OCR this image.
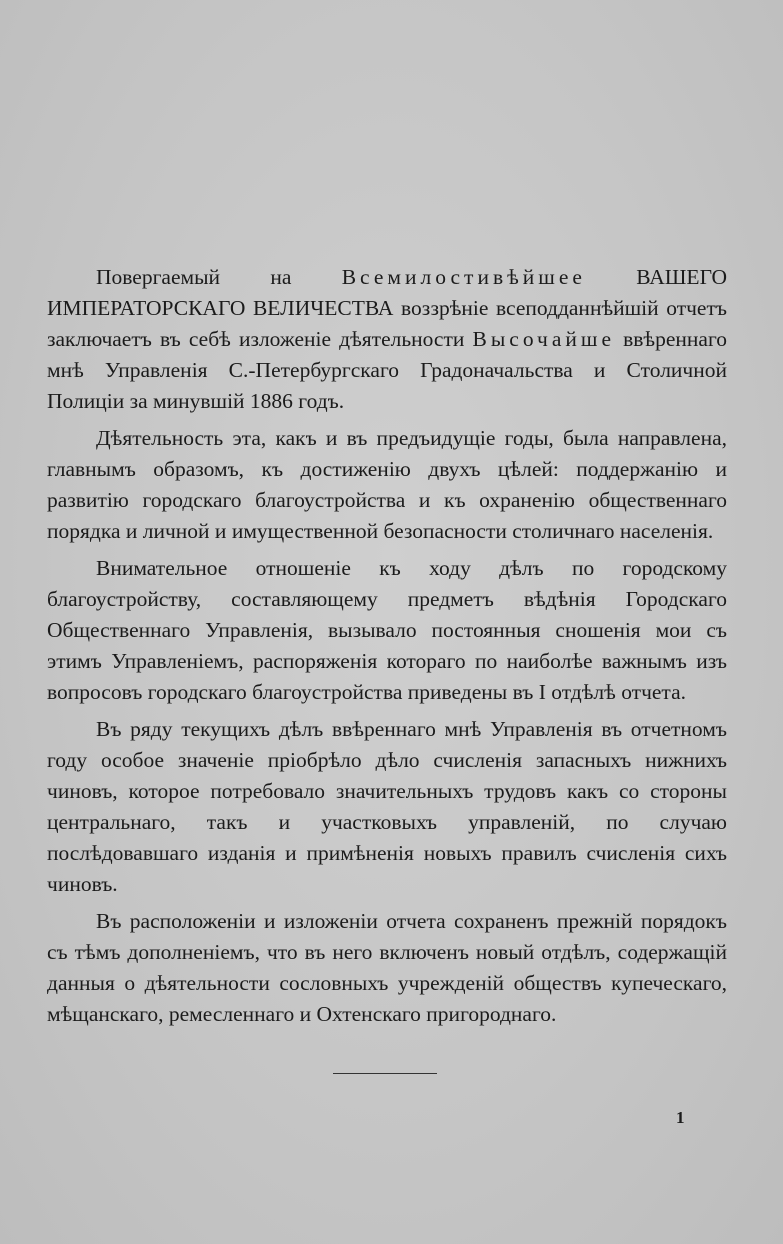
Повергаемый на Всемилостивѣйшее ВАШЕГО ИМПЕРАТОРСКАГО ВЕЛИЧЕСТВА воззрѣніе всеподданнѣйшій отчетъ заключаетъ въ себѣ изложеніе дѣятельности Высочайше ввѣреннаго мнѣ Управленія С.-Петербургскаго Градоначальства и Столичной Полиціи за минувшій 1886 годъ.

Дѣятельность эта, какъ и въ предъидущіе годы, была направлена, главнымъ образомъ, къ достиженію двухъ цѣлей: поддержанію и развитію городскаго благоустройства и къ охраненію общественнаго порядка и личной и имущественной безопасности столичнаго населенія.

Внимательное отношеніе къ ходу дѣлъ по городскому благоустройству, составляющему предметъ вѣдѣнія Городскаго Общественнаго Управленія, вызывало постоянныя сношенія мои съ этимъ Управленіемъ, распоряженія котораго по наиболѣе важнымъ изъ вопросовъ городскаго благоустройства приведены въ I отдѣлѣ отчета.

Въ ряду текущихъ дѣлъ ввѣреннаго мнѣ Управленія въ отчетномъ году особое значеніе пріобрѣло дѣло счисленія запасныхъ нижнихъ чиновъ, которое потребовало значительныхъ трудовъ какъ со стороны центральнаго, такъ и участковыхъ управленій, по случаю послѣдовавшаго изданія и примѣненія новыхъ правилъ счисленія сихъ чиновъ.

Въ расположеніи и изложеніи отчета сохраненъ прежній порядокъ съ тѣмъ дополненіемъ, что въ него включенъ новый отдѣлъ, содержащій данныя о дѣятельности сословныхъ учрежденій обществъ купеческаго, мѣщанскаго, ремесленнаго и Охтенскаго пригороднаго.

1
